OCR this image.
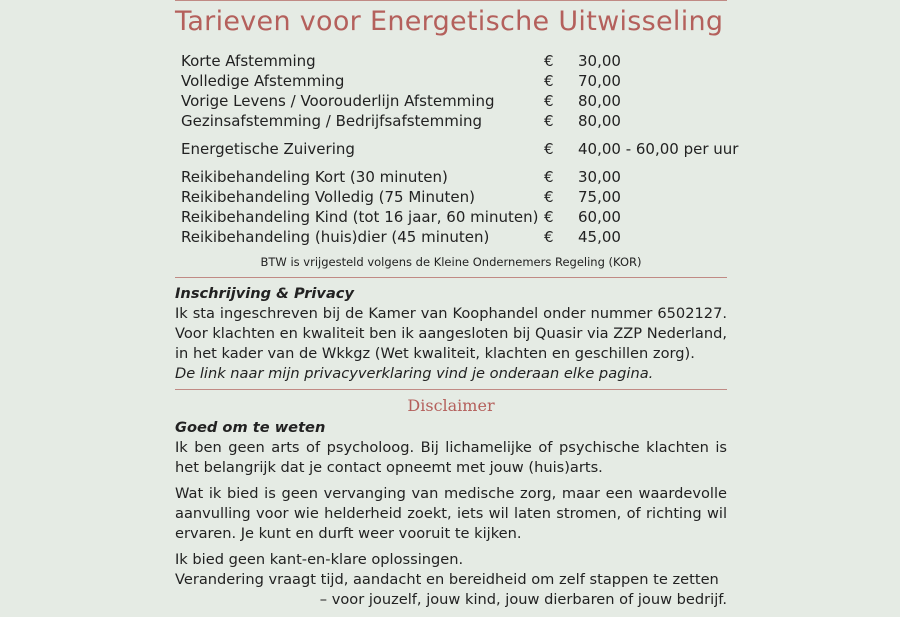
Tarieven voor Energetische Uitwisseling
Korte Afstemming	€ 30,00
Volledige Afstemming	€ 70,00
Vorige Levens / Voorouderlijn Afstemming	€ 80,00
Gezinsafstemming / Bedrijfsafstemming	€ 80,00
Energetische Zuivering	€ 40,00 - 60,00 per uur
Reikibehandeling Kort (30 minuten)	€ 30,00
Reikibehandeling Volledig (75 Minuten)	€ 75,00
Reikibehandeling Kind (tot 16 jaar, 60 minuten) € 60,00
Reikibehandeling (huis)dier (45 minuten)	€ 45,00
BTW is vrijgesteld volgens de Kleine Ondernemers Regeling (KOR)
Inschrijving & Privacy
Ik sta ingeschreven bij de Kamer van Koophandel onder nummer 6502127. Voor klachten en kwaliteit ben ik aangesloten bij Quasir via ZZP Nederland, in het kader van de Wkkgz (Wet kwaliteit, klachten en geschillen zorg).
De link naar mijn privacyverklaring vind je onderaan elke pagina.
Disclaimer
Goed om te weten
Ik ben geen arts of psycholoog. Bij lichamelijke of psychische klachten is het belangrijk dat je contact opneemt met jouw (huis)arts.
Wat ik bied is geen vervanging van medische zorg, maar een waardevolle aanvulling voor wie helderheid zoekt, iets wil laten stromen, of richting wil ervaren. Je kunt en durft weer vooruit te kijken.
Ik bied geen kant-en-klare oplossingen.
Verandering vraagt tijd, aandacht en bereidheid om zelf stappen te zetten
– voor jouzelf, jouw kind, jouw dierbaren of jouw bedrijf.
